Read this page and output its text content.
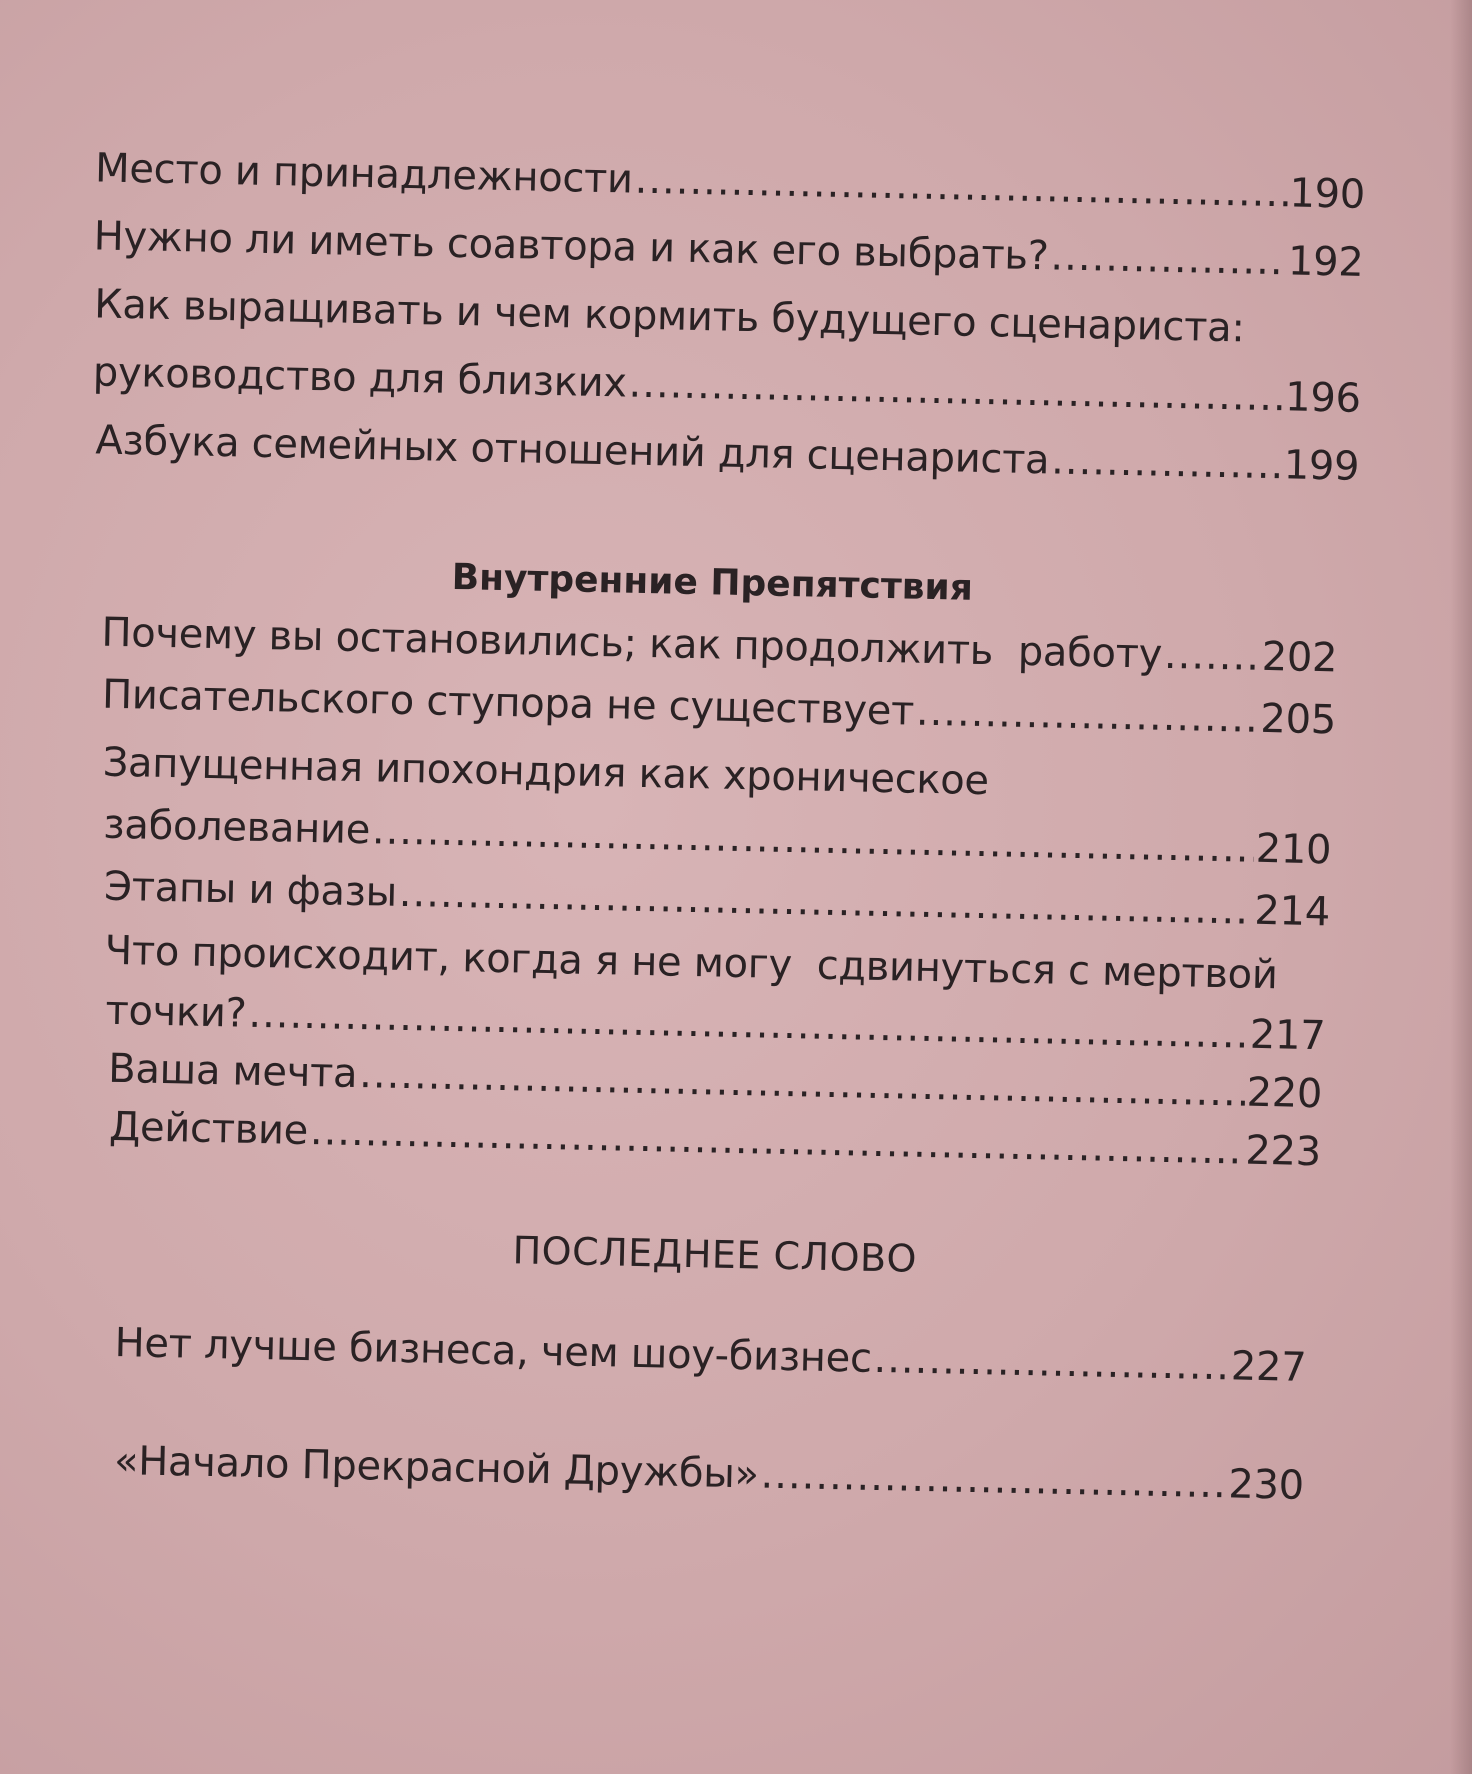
Место и принадлежности .....	190
Нужно ли иметь соавтора и как его выбрать? .....	192
Как выращивать и чем кормить будущего сценариста:
руководство для близких .....	196
Азбука семейных отношений для сценариста .....	199
Внутренние Препятствия
Почему вы остановились; как продолжить  работу ..... 202
Писательского ступора не существует .....	205
Запущенная ипохондрия как хроническое
заболевание .....	210
Этапы и фазы .....	214
Что происходит, когда я не могу  сдвинуться с мертвой
точки? .....	217
Ваша мечта .....	220
Действие .....	223
ПОСЛЕДНЕЕ СЛОВО
Нет лучше бизнеса, чем шоу-бизнес .....	227
«Начало Прекрасной Дружбы» .....	230
